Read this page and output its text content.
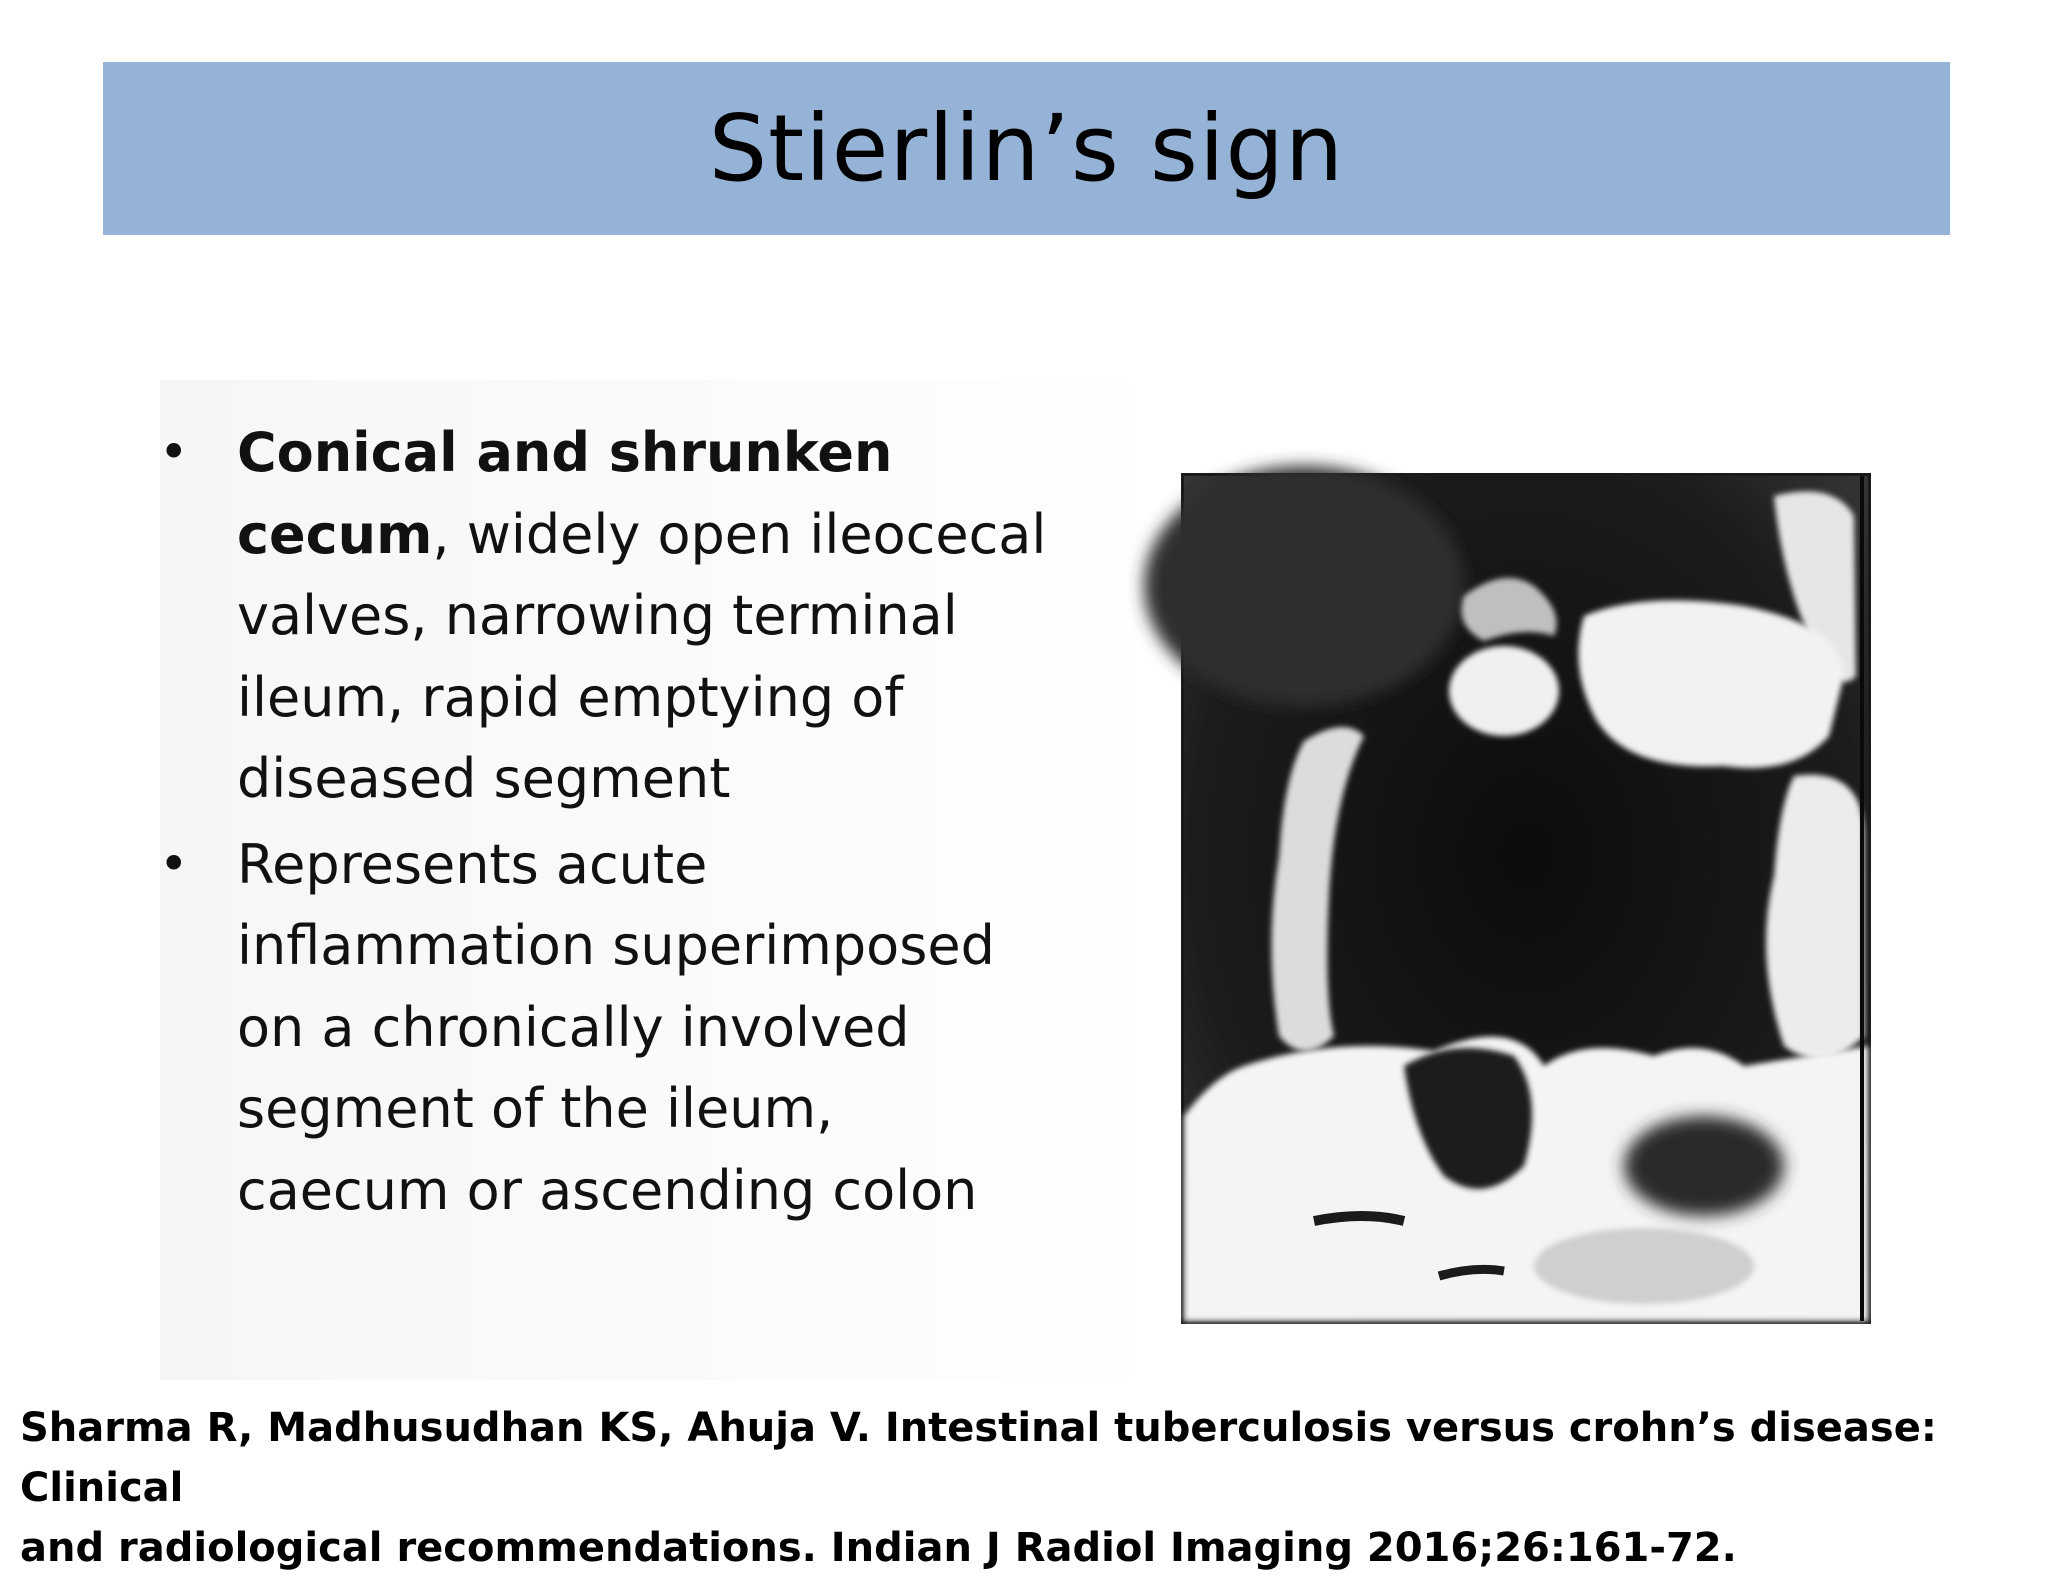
Stierlin’s sign
• Conical and shrunken cecum, widely open ileocecal valves, narrowing terminal ileum, rapid emptying of diseased segment
• Represents acute inflammation superimposed on a chronically involved segment of the ileum, caecum or ascending colon

Sharma R, Madhusudhan KS, Ahuja V. Intestinal tuberculosis versus crohn’s disease: Clinical
and radiological recommendations. Indian J Radiol Imaging 2016;26:161-72.
